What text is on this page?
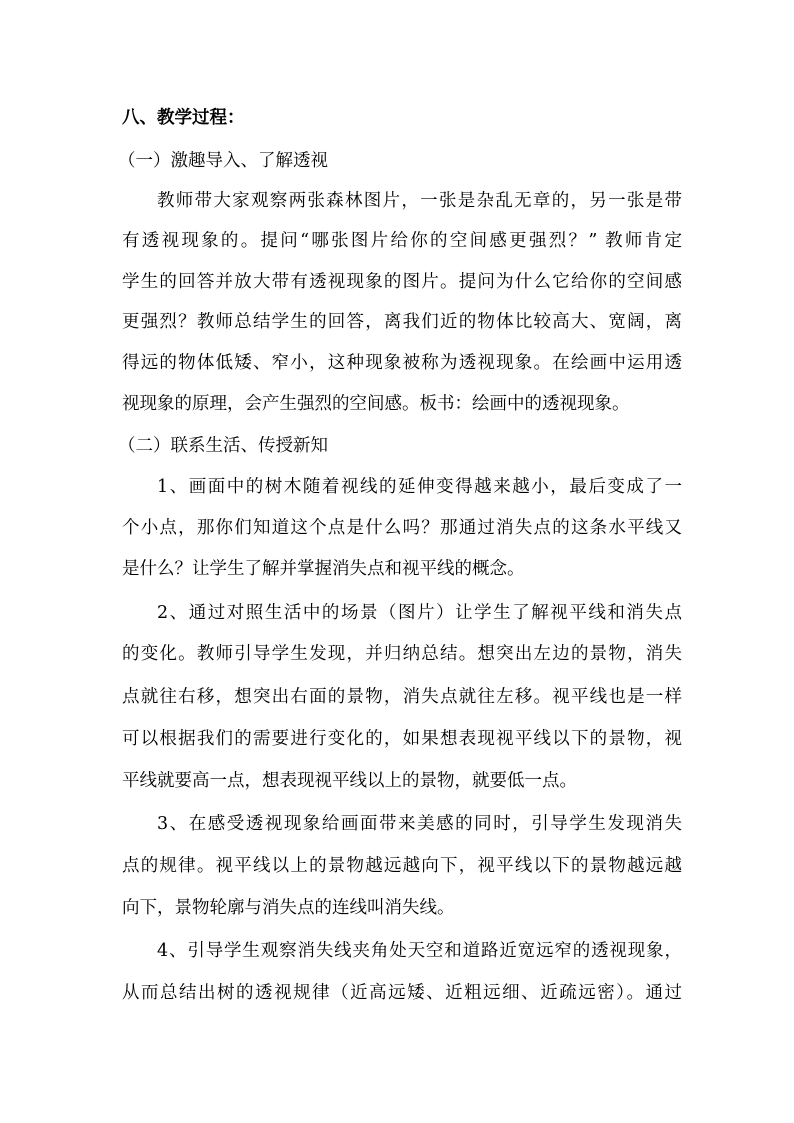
八、教学过程：
（一）激趣导入、了解透视
教师带大家观察两张森林图片，一张是杂乱无章的，另一张是带
有透视现象的。提问“哪张图片给你的空间感更强烈？” 教师肯定
学生的回答并放大带有透视现象的图片。提问为什么它给你的空间感
更强烈？教师总结学生的回答，离我们近的物体比较高大、宽阔，离
得远的物体低矮、窄小，这种现象被称为透视现象。在绘画中运用透
视现象的原理，会产生强烈的空间感。板书：绘画中的透视现象。
（二）联系生活、传授新知
1、画面中的树木随着视线的延伸变得越来越小，最后变成了一
个小点，那你们知道这个点是什么吗？那通过消失点的这条水平线又
是什么？让学生了解并掌握消失点和视平线的概念。
2、通过对照生活中的场景（图片）让学生了解视平线和消失点
的变化。教师引导学生发现，并归纳总结。想突出左边的景物，消失
点就往右移，想突出右面的景物，消失点就往左移。视平线也是一样
可以根据我们的需要进行变化的，如果想表现视平线以下的景物，视
平线就要高一点，想表现视平线以上的景物，就要低一点。
3、在感受透视现象给画面带来美感的同时，引导学生发现消失
点的规律。视平线以上的景物越远越向下，视平线以下的景物越远越
向下，景物轮廓与消失点的连线叫消失线。
4、引导学生观察消失线夹角处天空和道路近宽远窄的透视现象，
从而总结出树的透视规律（近高远矮、近粗远细、近疏远密）。通过
